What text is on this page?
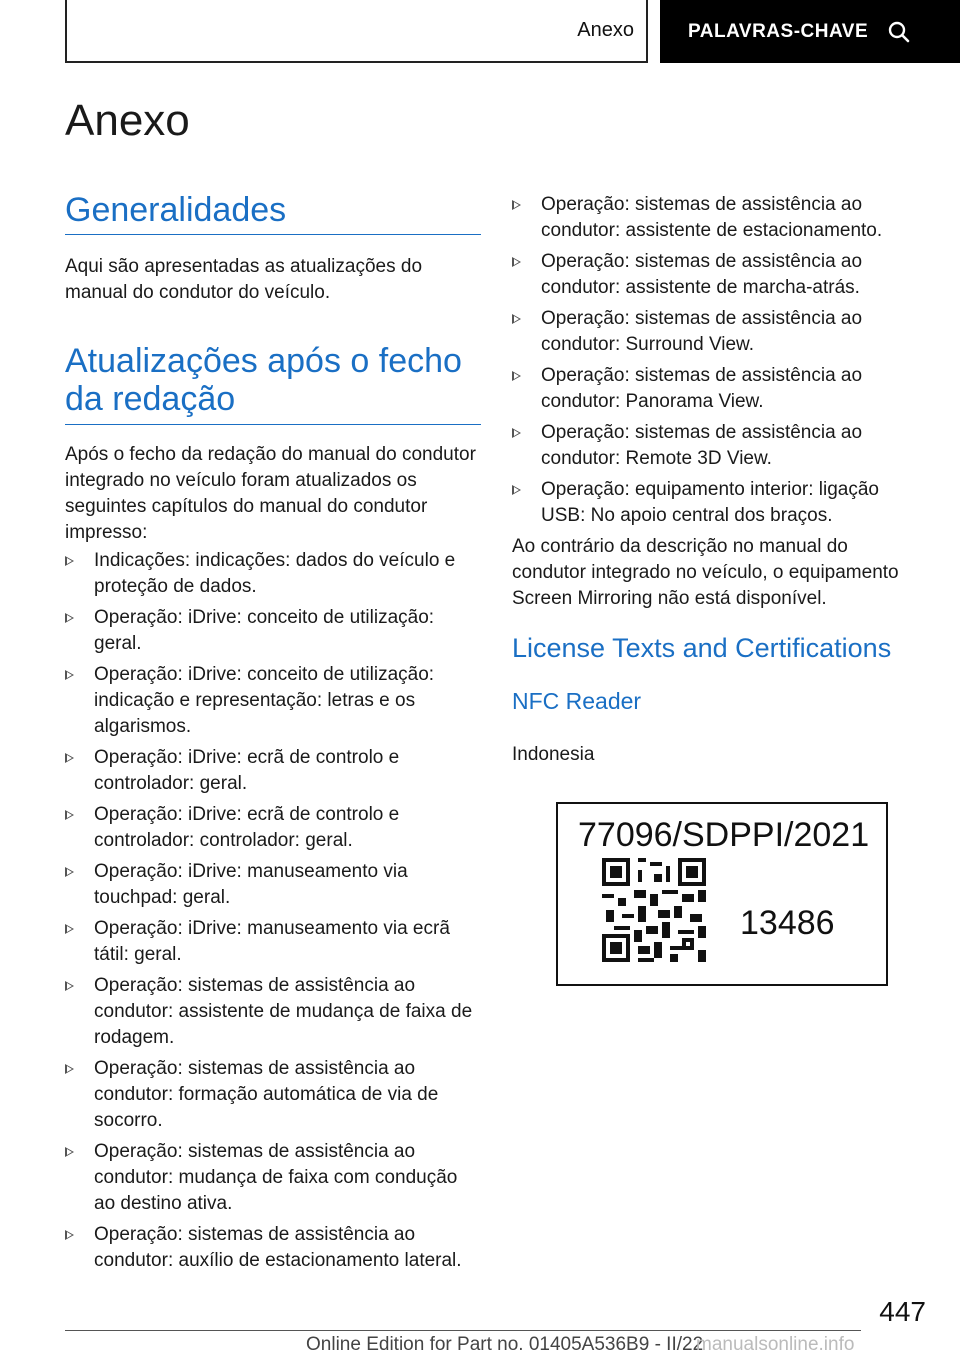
Anexo	PALAVRAS-CHAVE
Anexo
Generalidades

Aqui são apresentadas as atualizações do manual do condutor do veículo.

Atualizações após o fecho
da redação

Após o fecho da redação do manual do condutor integrado no veículo foram atualizados os seguintes capítulos do manual do condutor impresso:

Indicações: indicações: dados do veículo e proteção de dados.
Operação: iDrive: conceito de utilização: geral.
Operação: iDrive: conceito de utilização: indicação e representação: letras e os algarismos.
Operação: iDrive: ecrã de controlo e controlador: geral.
Operação: iDrive: ecrã de controlo e controlador: controlador: geral.
Operação: iDrive: manuseamento via touchpad: geral.
Operação: iDrive: manuseamento via ecrã tátil: geral.
Operação: sistemas de assistência ao condutor: assistente de mudança de faixa de rodagem.
Operação: sistemas de assistência ao condutor: formação automática de via de socorro.
Operação: sistemas de assistência ao condutor: mudança de faixa com condução ao destino ativa.
Operação: sistemas de assistência ao condutor: auxílio de estacionamento lateral.
Operação: sistemas de assistência ao condutor: assistente de estacionamento.
Operação: sistemas de assistência ao condutor: assistente de marcha-atrás.
Operação: sistemas de assistência ao condutor: Surround View.
Operação: sistemas de assistência ao condutor: Panorama View.
Operação: sistemas de assistência ao condutor: Remote 3D View.
Operação: equipamento interior: ligação USB: No apoio central dos braços.

Ao contrário da descrição no manual do condutor integrado no veículo, o equipamento Screen Mirroring não está disponível.

License Texts and Certifications
NFC Reader

Indonesia

77096/SDPPI/2021
13486
447
Online Edition for Part no. 01405A536B9 - II/22
manualsonline.info
